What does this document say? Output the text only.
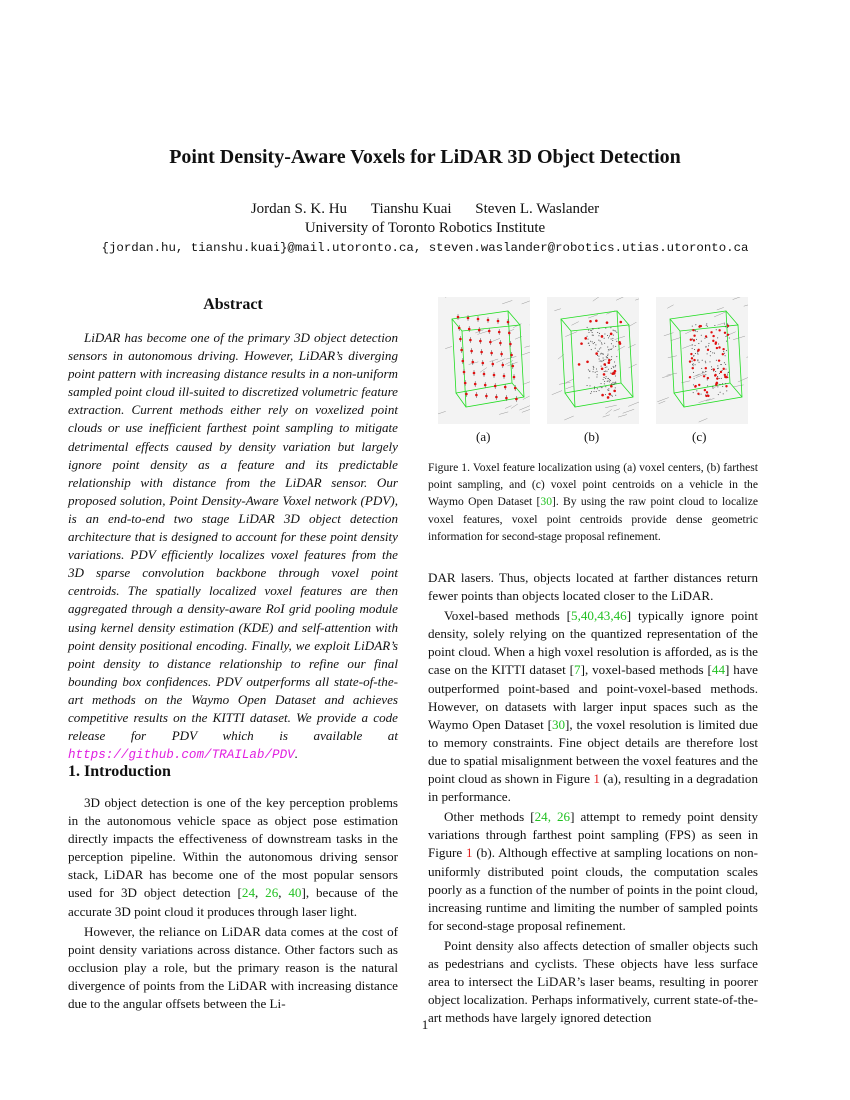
Point Density-Aware Voxels for LiDAR 3D Object Detection
Jordan S. K. Hu Tianshu Kuai Steven L. Waslander
University of Toronto Robotics Institute
{jordan.hu, tianshu.kuai}@mail.utoronto.ca, steven.waslander@robotics.utias.utoronto.ca
Abstract
LiDAR has become one of the primary 3D object detection sensors in autonomous driving. However, LiDAR’s diverging point pattern with increasing distance results in a non-uniform sampled point cloud ill-suited to discretized volumetric feature extraction. Current methods either rely on voxelized point clouds or use inefficient farthest point sampling to mitigate detrimental effects caused by density variation but largely ignore point density as a feature and its predictable relationship with distance from the LiDAR sensor. Our proposed solution, Point Density-Aware Voxel network (PDV), is an end-to-end two stage LiDAR 3D object detection architecture that is designed to account for these point density variations. PDV efficiently localizes voxel features from the 3D sparse convolution backbone through voxel point centroids. The spatially localized voxel features are then aggregated through a density-aware RoI grid pooling module using kernel density estimation (KDE) and self-attention with point density positional encoding. Finally, we exploit LiDAR’s point density to distance relationship to refine our final bounding box confidences. PDV outperforms all state-of-the-art methods on the Waymo Open Dataset and achieves competitive results on the KITTI dataset. We provide a code release for PDV which is available at https://github.com/TRAILab/PDV.
1. Introduction

3D object detection is one of the key perception problems in the autonomous vehicle space as object pose estimation directly impacts the effectiveness of downstream tasks in the perception pipeline. Within the autonomous driving sensor stack, LiDAR has become one of the most popular sensors used for 3D object detection [24, 26, 40], because of the accurate 3D point cloud it produces through laser light.

However, the reliance on LiDAR data comes at the cost of point density variations across distance. Other factors such as occlusion play a role, but the primary reason is the natural divergence of points from the LiDAR with increasing distance due to the angular offsets between the Li-

(a)	(b)	(c)
Figure 1. Voxel feature localization using (a) voxel centers, (b) farthest point sampling, and (c) voxel point centroids on a vehicle in the Waymo Open Dataset [30]. By using the raw point cloud to localize voxel features, voxel point centroids provide dense geometric information for second-stage proposal refinement.

DAR lasers. Thus, objects located at farther distances return fewer points than objects located closer to the LiDAR.

Voxel-based methods [5,40,43,46] typically ignore point density, solely relying on the quantized representation of the point cloud. When a high voxel resolution is afforded, as is the case on the KITTI dataset [7], voxel-based methods [44] have outperformed point-based and point-voxel-based methods. However, on datasets with larger input spaces such as the Waymo Open Dataset [30], the voxel resolution is limited due to memory constraints. Fine object details are therefore lost due to spatial misalignment between the voxel features and the point cloud as shown in Figure 1 (a), resulting in a degradation in performance.

Other methods [24, 26] attempt to remedy point density variations through farthest point sampling (FPS) as seen in Figure 1 (b). Although effective at sampling locations on non-uniformly distributed point clouds, the computation scales poorly as a function of the number of points in the point cloud, increasing runtime and limiting the number of sampled points for second-stage proposal refinement.

Point density also affects detection of smaller objects such as pedestrians and cyclists. These objects have less surface area to intersect the LiDAR’s laser beams, resulting in poorer object localization. Perhaps informatively, current state-of-the-art methods have largely ignored detection

1
